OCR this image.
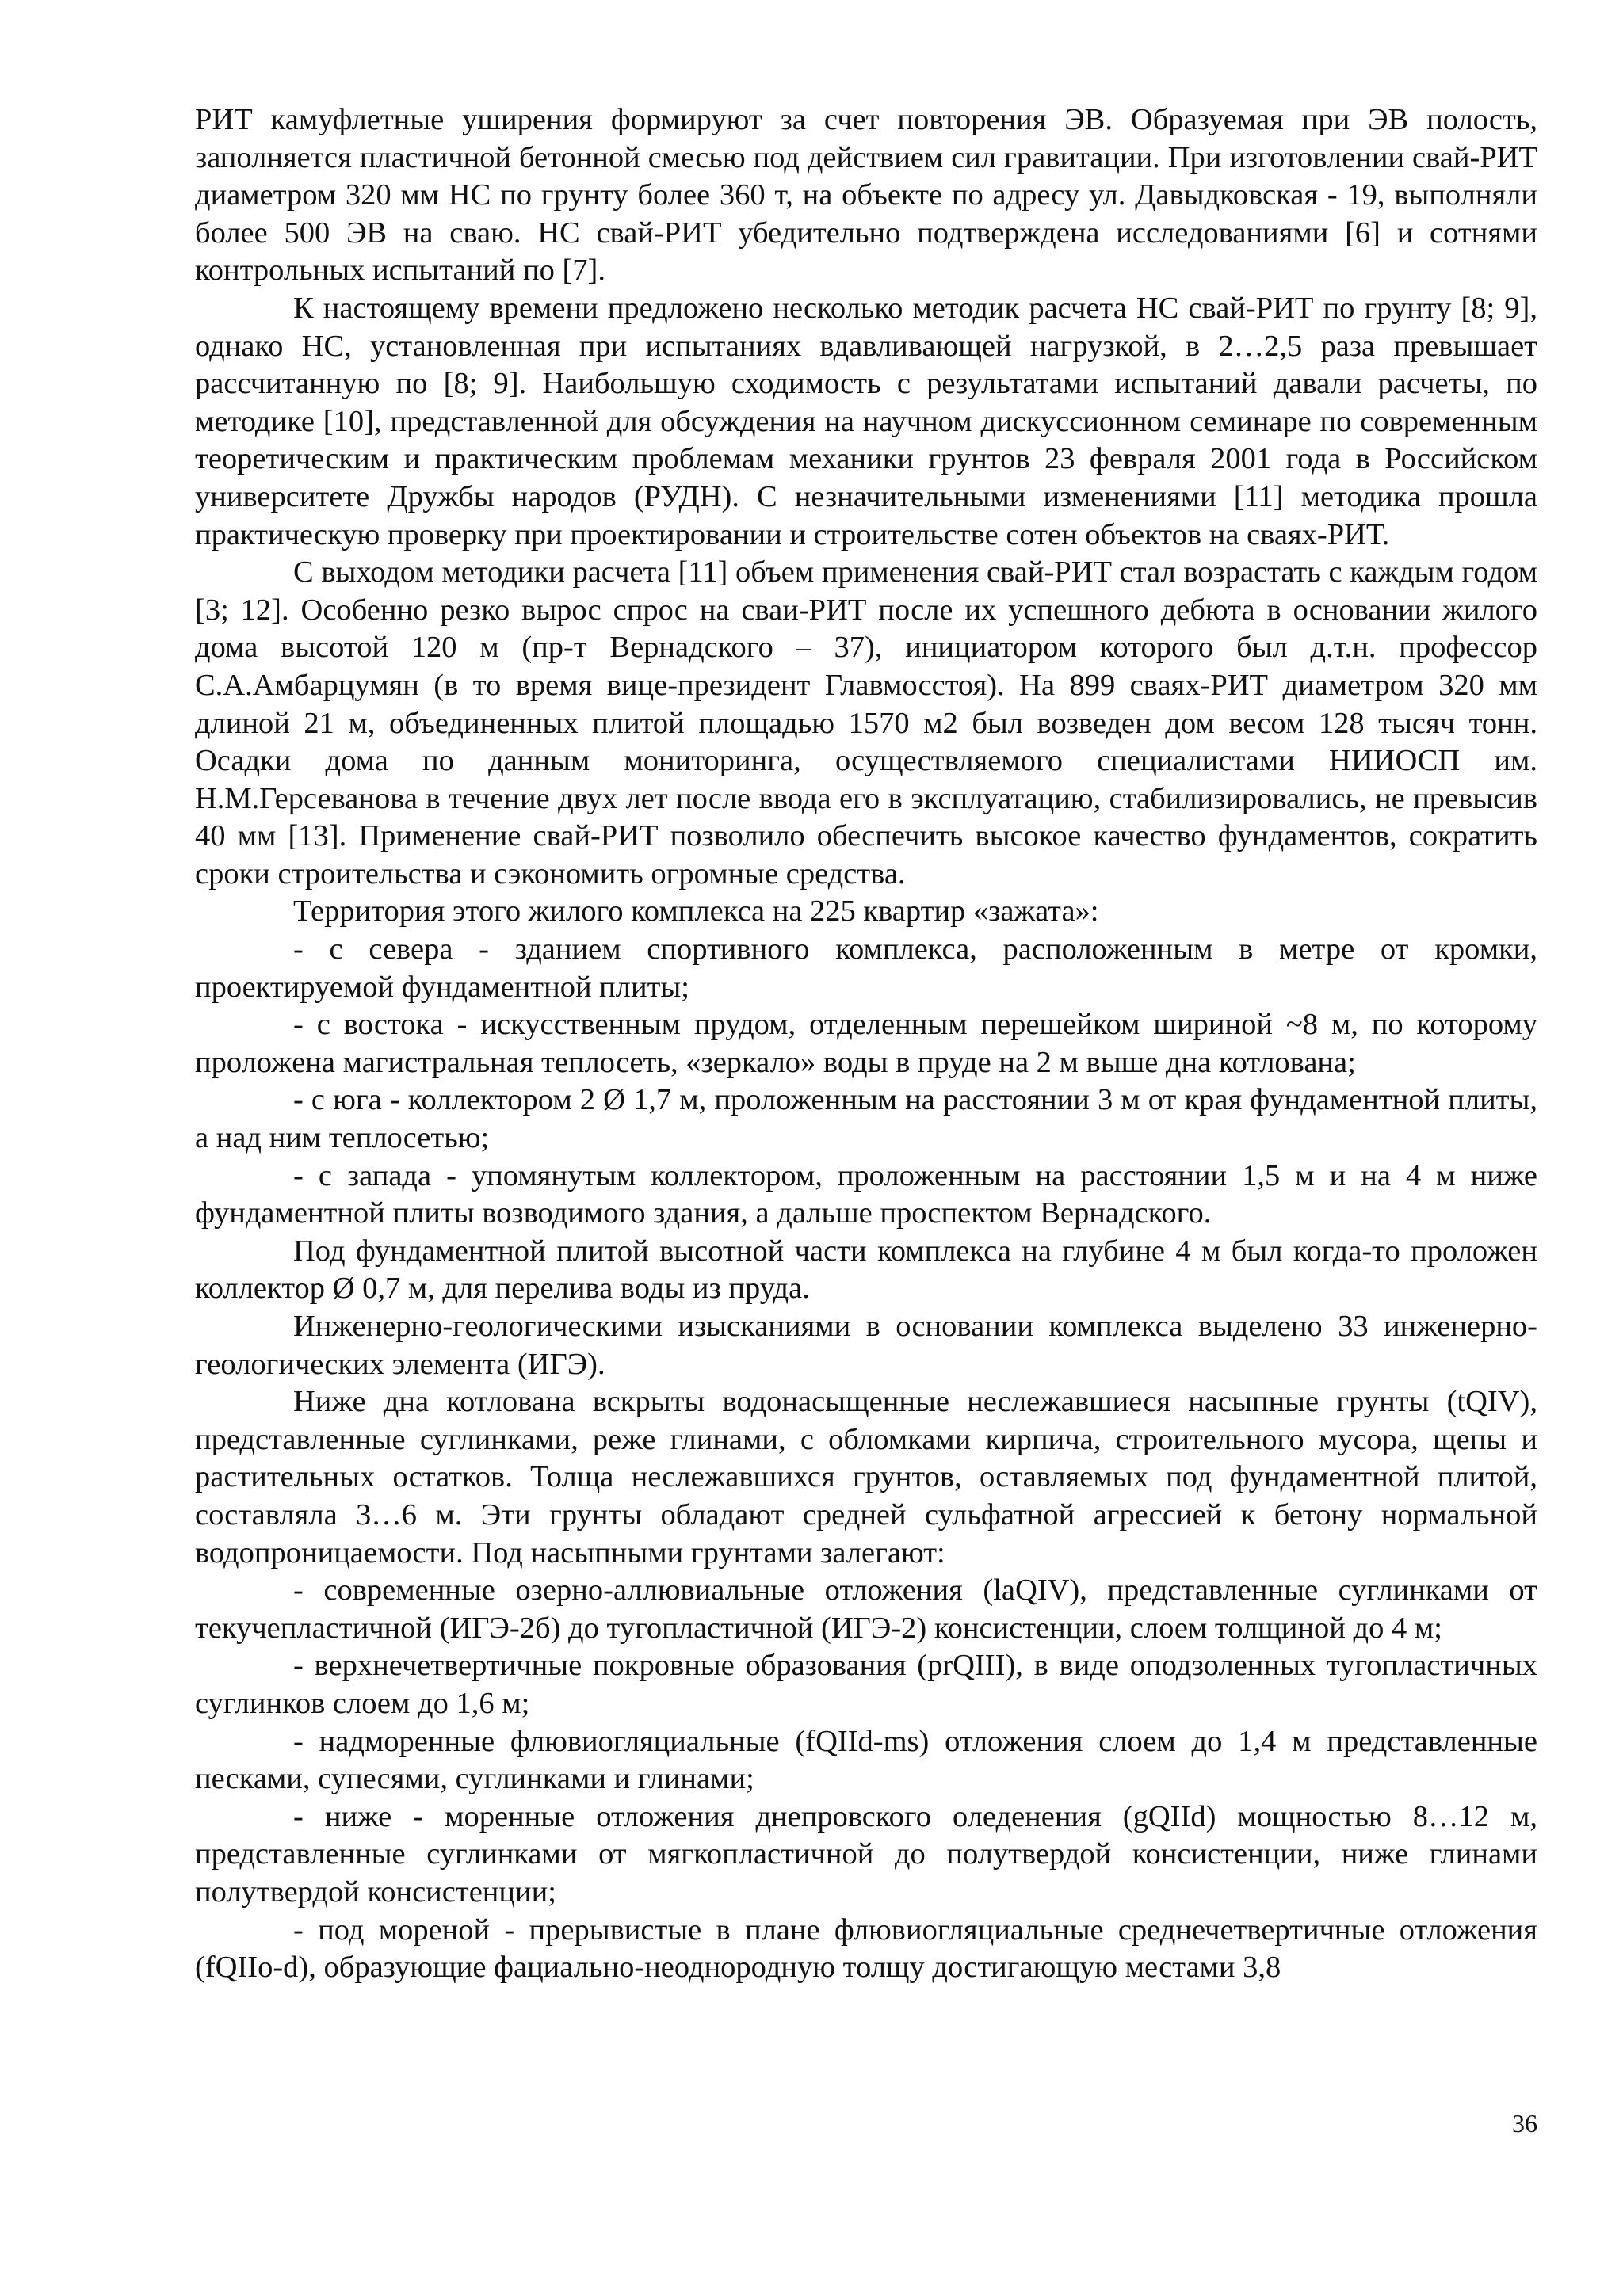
РИТ камуфлетные уширения формируют за счет повторения ЭВ. Образуемая при ЭВ полость, заполняется пластичной бетонной смесью под действием сил гравитации. При изготовлении свай-РИТ диаметром 320 мм НС по грунту более 360 т, на объекте по адресу ул. Давыдковская - 19, выполняли более 500 ЭВ на сваю. НС свай-РИТ убедительно подтверждена исследованиями [6] и сотнями контрольных испытаний по [7].

К настоящему времени предложено несколько методик расчета НС свай-РИТ по грунту [8; 9], однако НС, установленная при испытаниях вдавливающей нагрузкой, в 2…2,5 раза превышает рассчитанную по [8; 9]. Наибольшую сходимость с результатами испытаний давали расчеты, по методике [10], представленной для обсуждения на научном дискуссионном семинаре по современным теоретическим и практическим проблемам механики грунтов 23 февраля 2001 года в Российском университете Дружбы народов (РУДН). С незначительными изменениями [11] методика прошла практическую проверку при проектировании и строительстве сотен объектов на сваях-РИТ.

С выходом методики расчета [11] объем применения свай-РИТ стал возрастать с каждым годом [3; 12]. Особенно резко вырос спрос на сваи-РИТ после их успешного дебюта в основании жилого дома высотой 120 м (пр-т Вернадского – 37), инициатором которого был д.т.н. профессор С.А.Амбарцумян (в то время вице-президент Главмосстоя). На 899 сваях-РИТ диаметром 320 мм длиной 21 м, объединенных плитой площадью 1570 м2 был возведен дом весом 128 тысяч тонн. Осадки дома по данным мониторинга, осуществляемого специалистами НИИОСП им. Н.М.Герсеванова в течение двух лет после ввода его в эксплуатацию, стабилизировались, не превысив 40 мм [13]. Применение свай-РИТ позволило обеспечить высокое качество фундаментов, сократить сроки строительства и сэкономить огромные средства.

Территория этого жилого комплекса на 225 квартир «зажата»:

- с севера - зданием спортивного комплекса, расположенным в метре от кромки, проектируемой фундаментной плиты;

- с востока - искусственным прудом, отделенным перешейком шириной ~8 м, по которому проложена магистральная теплосеть, «зеркало» воды в пруде на 2 м выше дна котлована;

- с юга - коллектором 2 Ø 1,7 м, проложенным на расстоянии 3 м от края фундаментной плиты, а над ним теплосетью;

- с запада - упомянутым коллектором, проложенным на расстоянии 1,5 м и на 4 м ниже фундаментной плиты возводимого здания, а дальше проспектом Вернадского.

Под фундаментной плитой высотной части комплекса на глубине 4 м был когда-то проложен коллектор Ø 0,7 м, для перелива воды из пруда.

Инженерно-геологическими изысканиями в основании комплекса выделено 33 инженерно-геологических элемента (ИГЭ).

Ниже дна котлована вскрыты водонасыщенные неслежавшиеся насыпные грунты (tQIV), представленные суглинками, реже глинами, с обломками кирпича, строительного мусора, щепы и растительных остатков. Толща неслежавшихся грунтов, оставляемых под фундаментной плитой, составляла 3…6 м. Эти грунты обладают средней сульфатной агрессией к бетону нормальной водопроницаемости. Под насыпными грунтами залегают:

- современные озерно-аллювиальные отложения (laQIV), представленные суглинками от текучепластичной (ИГЭ-2б) до тугопластичной (ИГЭ-2) консистенции, слоем толщиной до 4 м;

- верхнечетвертичные покровные образования (prQIII), в виде оподзоленных тугопластичных суглинков слоем до 1,6 м;

- надморенные флювиогляциальные (fQIId-ms) отложения слоем до 1,4 м представленные песками, супесями, суглинками и глинами;

- ниже - моренные отложения днепровского оледенения (gQIId) мощностью 8…12 м, представленные суглинками от мягкопластичной до полутвердой консистенции, ниже глинами полутвердой консистенции;

- под мореной - прерывистые в плане флювиогляциальные среднечетвертичные отложения (fQIIo-d), образующие фациально-неоднородную толщу достигающую местами 3,8

36
